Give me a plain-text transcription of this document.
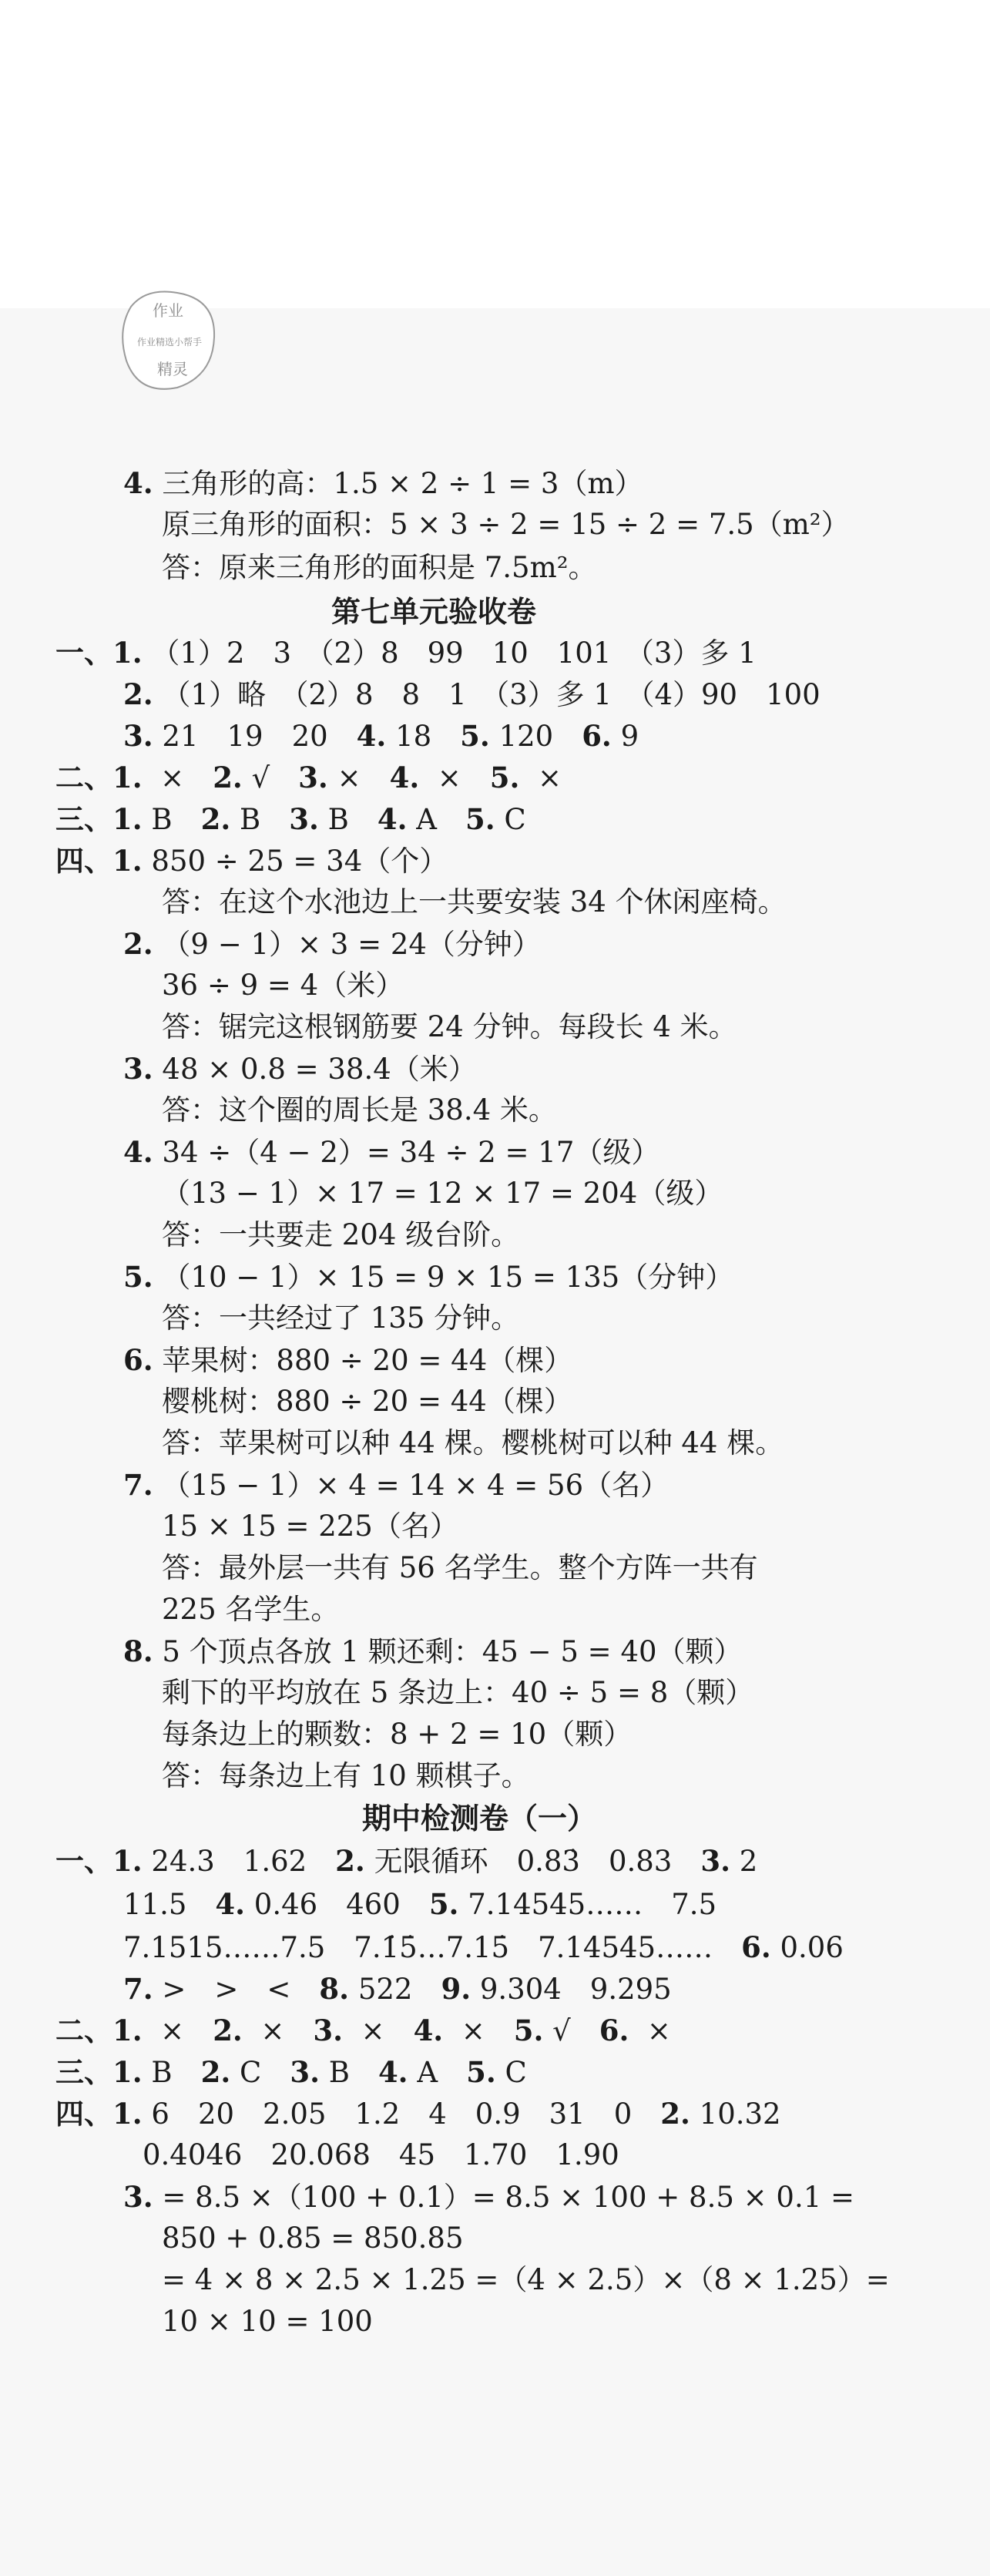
作业
作业精选小帮手
精灵
4. 三角形的高：1.5 × 2 ÷ 1 = 3（m）
原三角形的面积：5 × 3 ÷ 2 = 15 ÷ 2 = 7.5（m²）
答：原来三角形的面积是 7.5m²。
第七单元验收卷
一、1. （1）2　3　（2）8　99　10　101　（3）多 1
2. （1）略　（2）8　8　1　（3）多 1　（4）90　100
3. 21　19　20　 4. 18　 5. 120　 6. 9
二、1. ×　 2. √　 3. ×　 4. ×　 5. ×
三、1. B　 2. B　 3. B　 4. A　 5. C
四、1. 850 ÷ 25 = 34（个）
答：在这个水池边上一共要安装 34 个休闲座椅。
2. （9 − 1）× 3 = 24（分钟）
36 ÷ 9 = 4（米）
答：锯完这根钢筋要 24 分钟。每段长 4 米。
3. 48 × 0.8 = 38.4（米）
答：这个圈的周长是 38.4 米。
4. 34 ÷（4 − 2）= 34 ÷ 2 = 17（级）
（13 − 1）× 17 = 12 × 17 = 204（级）
答：一共要走 204 级台阶。
5. （10 − 1）× 15 = 9 × 15 = 135（分钟）
答：一共经过了 135 分钟。
6. 苹果树：880 ÷ 20 = 44（棵）
樱桃树：880 ÷ 20 = 44（棵）
答：苹果树可以种 44 棵。樱桃树可以种 44 棵。
7. （15 − 1）× 4 = 14 × 4 = 56（名）
15 × 15 = 225（名）
答：最外层一共有 56 名学生。整个方阵一共有
225 名学生。
8. 5 个顶点各放 1 颗还剩：45 − 5 = 40（颗）
剩下的平均放在 5 条边上：40 ÷ 5 = 8（颗）
每条边上的颗数：8 + 2 = 10（颗）
答：每条边上有 10 颗棋子。
期中检测卷（一）
一、1. 24.3　1.62　 2. 无限循环　0.83̇　0.83　 3. 2
11.5　 4. 0.46　460　 5. 7.14545……　7.5
7.1515……7.5　7.1̇5̇…7.15̇　7.14545……　 6. 0.06
7. >　>　<　 8. 522　 9. 9.304　9.295
二、1. ×　 2. ×　 3. ×　 4. ×　 5. √　 6. ×
三、1. B　 2. C　 3. B　 4. A　 5. C
四、1. 6　20　2.05　1.2　4　0.9　31　0　 2. 10.32
0.4046　20.068　45　1.70　1.90
3. = 8.5 ×（100 + 0.1）= 8.5 × 100 + 8.5 × 0.1 =
850 + 0.85 = 850.85
= 4 × 8 × 2.5 × 1.25 =（4 × 2.5）×（8 × 1.25）=
10 × 10 = 100
